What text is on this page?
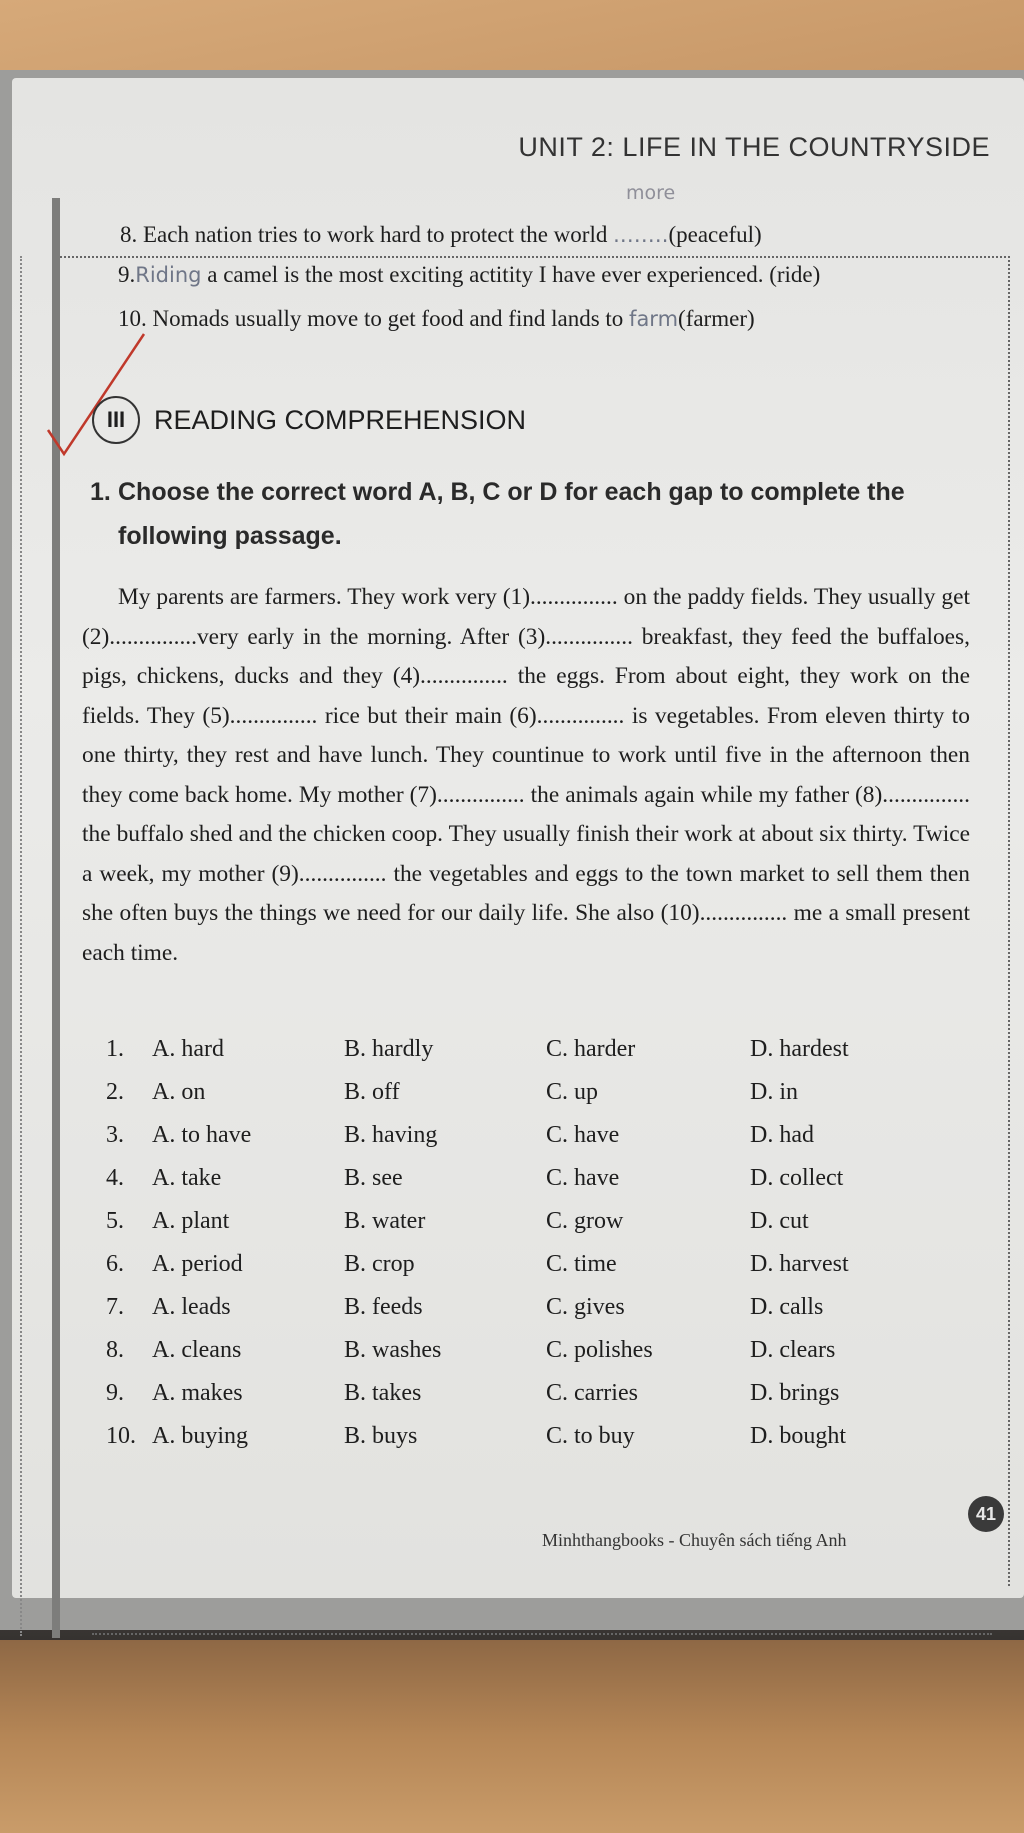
UNIT 2: LIFE IN THE COUNTRYSIDE
8. Each nation tries to work hard to protect the world .…….(peaceful)
more
9.Riding a camel is the most exciting actitity I have ever experienced. (ride)
10. Nomads usually move to get food and find lands to farm(farmer)
III	READING COMPREHENSION
1. Choose the correct word A, B, C or D for each gap to complete the following passage.

My parents are farmers. They work very (1)............... on the paddy fields. They usually get (2)...............very early in the morning. After (3)............... breakfast, they feed the buffaloes, pigs, chickens, ducks and they (4)............... the eggs. From about eight, they work on the fields. They (5)............... rice but their main (6)............... is vegetables. From eleven thirty to one thirty, they rest and have lunch. They countinue to work until five in the afternoon then they come back home. My mother (7)............... the animals again while my father (8)............... the buffalo shed and the chicken coop. They usually finish their work at about six thirty. Twice a week, my mother (9)............... the vegetables and eggs to the town market to sell them then she often buys the things we need for our daily life. She also (10)............... me a small present each time.

1. A. hard	B. hardly	C. harder	D. hardest
2. A. on	B. off	C. up	D. in
3. A. to have	B. having	C. have	D. had
4. A. take	B. see	C. have	D. collect
5. A. plant	B. water	C. grow	D. cut
6. A. period	B. crop	C. time	D. harvest
7. A. leads	B. feeds	C. gives	D. calls
8. A. cleans	B. washes	C. polishes	D. clears
9. A. makes	B. takes	C. carries	D. brings
10. A. buying	B. buys	C. to buy	D. bought
Minhthangbooks - Chuyên sách tiếng Anh
41
